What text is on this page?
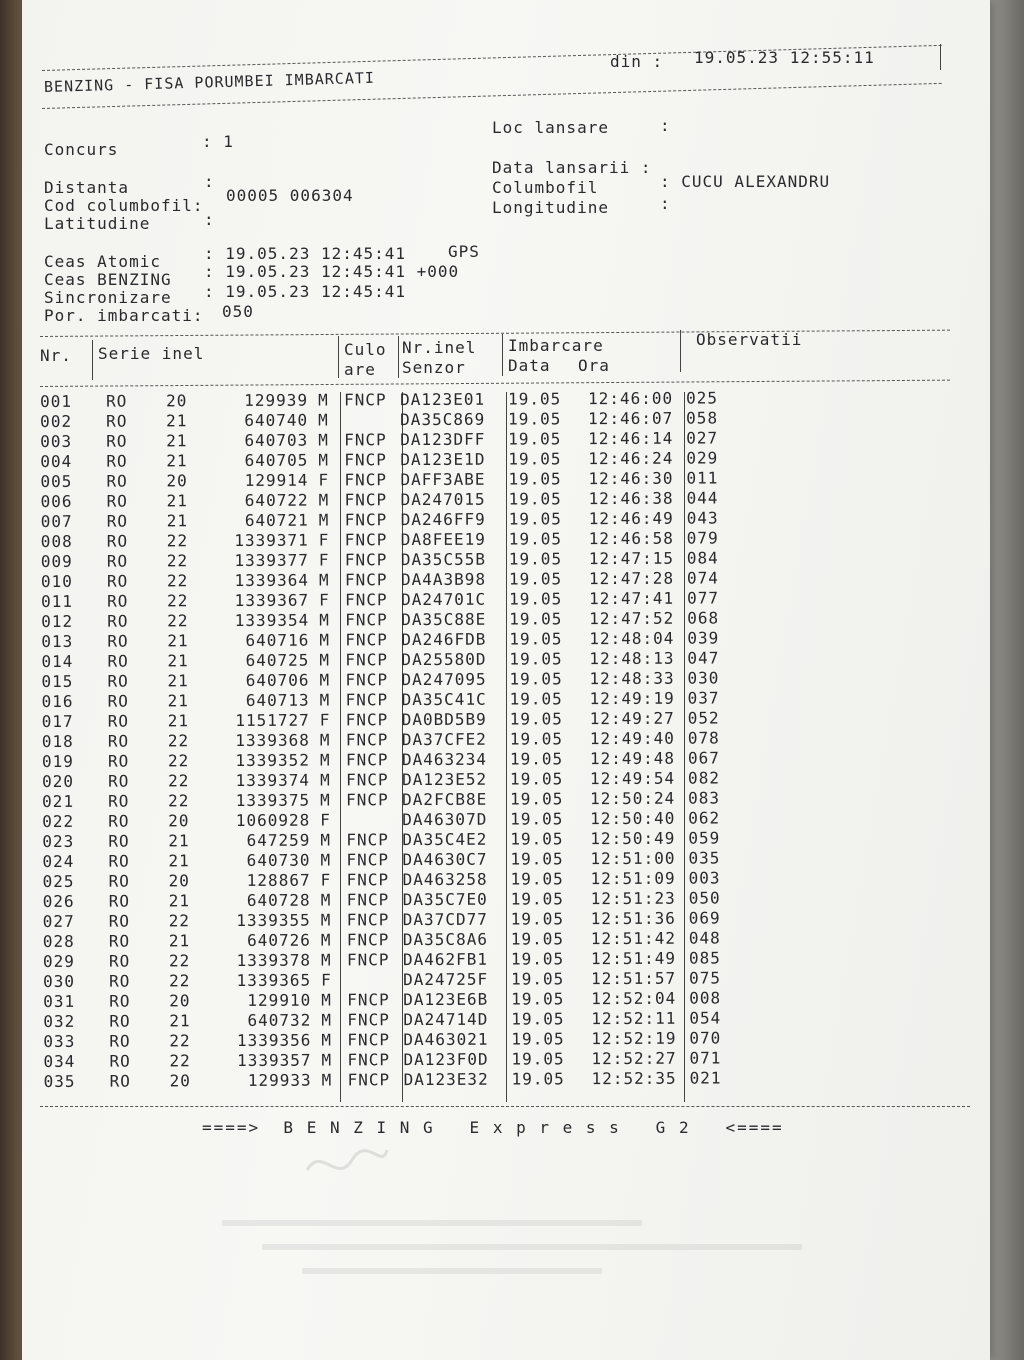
BENZING - FISA PORUMBEI IMBARCATI
din : 19.05.23 12:55:11
Concurs	: 1
Distanta	:
Cod columbofil:
00005 006304
Latitudine	:
Loc lansare	:
Data lansarii :
Columbofil	: CUCU ALEXANDRU
Longitudine	:
Ceas Atomic	: 19.05.23 12:45:41	GPS
Ceas BENZING : 19.05.23 12:45:41 +000
Sincronizare : 19.05.23 12:45:41
Por. imbarcati: 050
Nr. Serie inel	Culo
are
Nr.inel
Senzor
Imbarcare
Data Ora
Observatii
001 RO 20	129939 M FNCP DA123E01 19.05 12:46:00 025
002 RO 21	640740 M	DA35C869 19.05 12:46:07 058
003 RO 21	640703 M FNCP DA123DFF 19.05 12:46:14 027
004 RO 21	640705 M FNCP DA123E1D 19.05 12:46:24 029
005 RO 20	129914 F FNCP DAFF3ABE 19.05 12:46:30 011
006 RO 21	640722 M FNCP DA247015 19.05 12:46:38 044
007 RO 21	640721 M FNCP DA246FF9 19.05 12:46:49 043
008 RO 22	1339371 F FNCP DA8FEE19 19.05 12:46:58 079
009 RO 22	1339377 F FNCP DA35C55B 19.05 12:47:15 084
010 RO 22	1339364 M FNCP DA4A3B98 19.05 12:47:28 074
011 RO 22	1339367 F FNCP DA24701C 19.05 12:47:41 077
012 RO 22	1339354 M FNCP DA35C88E 19.05 12:47:52 068
013 RO 21	640716 M FNCP DA246FDB 19.05 12:48:04 039
014 RO 21	640725 M FNCP DA25580D 19.05 12:48:13 047
015 RO 21	640706 M FNCP DA247095 19.05 12:48:33 030
016 RO 21	640713 M FNCP DA35C41C 19.05 12:49:19 037
017 RO 21	1151727 F FNCP DA0BD5B9 19.05 12:49:27 052
018 RO 22	1339368 M FNCP DA37CFE2 19.05 12:49:40 078
019 RO 22	1339352 M FNCP DA463234 19.05 12:49:48 067
020 RO 22	1339374 M FNCP DA123E52 19.05 12:49:54 082
021 RO 22	1339375 M FNCP DA2FCB8E 19.05 12:50:24 083
022 RO 20	1060928 F	DA46307D 19.05 12:50:40 062
023 RO 21	647259 M FNCP DA35C4E2 19.05 12:50:49 059
024 RO 21	640730 M FNCP DA4630C7 19.05 12:51:00 035
025 RO 20	128867 F FNCP DA463258 19.05 12:51:09 003
026 RO 21	640728 M FNCP DA35C7E0 19.05 12:51:23 050
027 RO 22	1339355 M FNCP DA37CD77 19.05 12:51:36 069
028 RO 21	640726 M FNCP DA35C8A6 19.05 12:51:42 048
029 RO 22	1339378 M FNCP DA462FB1 19.05 12:51:49 085
030 RO 22	1339365 F	DA24725F 19.05 12:51:57 075
031 RO 20	129910 M FNCP DA123E6B 19.05 12:52:04 008
032 RO 21	640732 M FNCP DA24714D 19.05 12:52:11 054
033 RO 22	1339356 M FNCP DA463021 19.05 12:52:19 070
034 RO 22	1339357 M FNCP DA123F0D 19.05 12:52:27 071
035 RO 20	129933 M FNCP DA123E32 19.05 12:52:35 021
====>  B E N Z I N G   E x p r e s s   G 2   <====
